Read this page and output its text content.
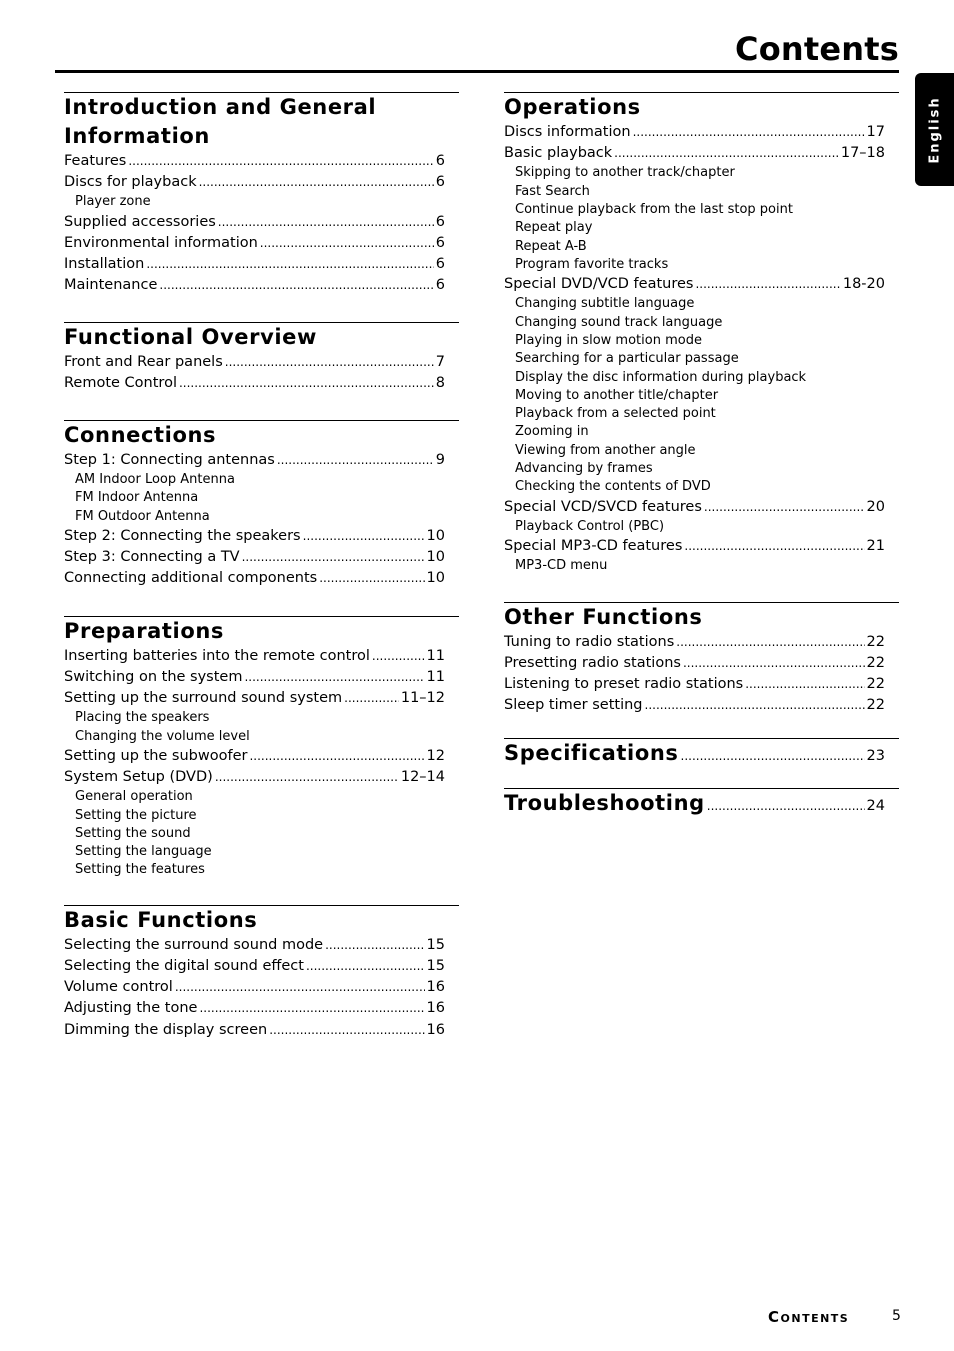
Contents
English
Introduction and General Information
Features .....	6
Discs for playback .....	6
Player zone
Supplied accessories .....	6
Environmental information .....	6
Installation .....	6
Maintenance .....	6
Functional Overview
Front and Rear panels .....	7
Remote Control .....	8
Connections
Step 1: Connecting antennas .....	9
AM Indoor Loop Antenna
FM Indoor Antenna
FM Outdoor Antenna
Step 2: Connecting the speakers .....	10
Step 3: Connecting a TV .....	10
Connecting additional components .....	10
Preparations
Inserting batteries into the remote control .....	11
Switching on the system .....	11
Setting up the surround sound system .....	11–12
Placing the speakers
Changing the volume level
Setting up the subwoofer .....	12
System Setup (DVD) .....	12–14
General operation
Setting the picture
Setting the sound
Setting the language
Setting the features
Basic Functions
Selecting the surround sound mode .....	15
Selecting the digital sound effect .....	15
Volume control .....	16
Adjusting the tone .....	16
Dimming the display screen .....	16
Operations
Discs information .....	17
Basic playback .....	17–18
Skipping to another track/chapter
Fast Search
Continue playback from the last stop point
Repeat play
Repeat A-B
Program favorite tracks
Special DVD/VCD features .....	18-20
Changing subtitle language
Changing sound track language
Playing in slow motion mode
Searching for a particular passage
Display the disc information during playback
Moving to another title/chapter
Playback from a selected point
Zooming in
Viewing from another angle
Advancing by frames
Checking the contents of DVD
Special VCD/SVCD features .....	20
Playback Control (PBC)
Special MP3-CD features .....	21
MP3-CD menu
Other Functions
Tuning to radio stations .....	22
Presetting radio stations .....	22
Listening to preset radio stations .....	22
Sleep timer setting .....	22
Specifications .....	23
Troubleshooting .....	24
Contents	5
